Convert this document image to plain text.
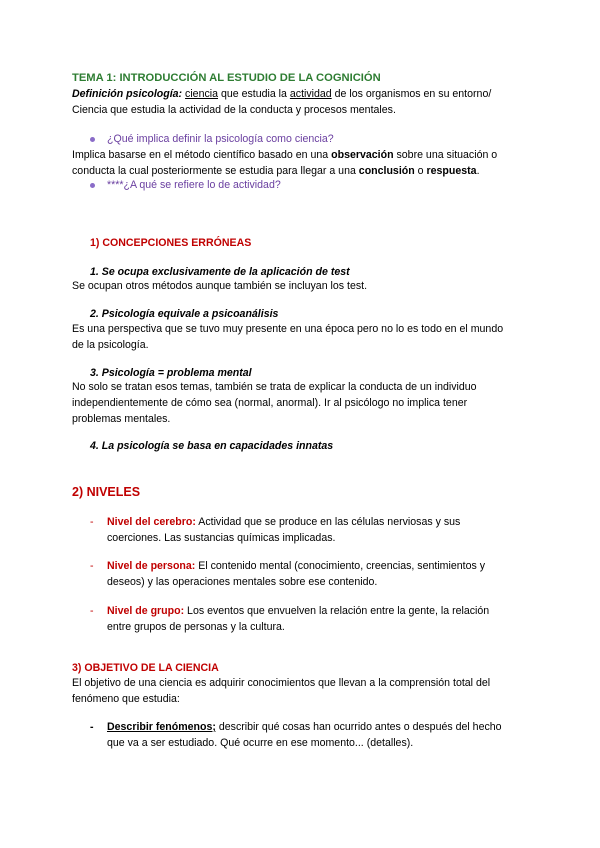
TEMA 1: INTRODUCCIÓN AL ESTUDIO DE LA COGNICIÓN
Definición psicología: ciencia que estudia la actividad de los organismos en su entorno/
Ciencia que estudia la actividad de la conducta y procesos mentales.
¿Qué implica definir la psicología como ciencia?
Implica basarse en el método científico basado en una observación sobre una situación o
conducta la cual posteriormente se estudia para llegar a una conclusión o respuesta.
****¿A qué se refiere lo de actividad?
1) CONCEPCIONES ERRÓNEAS
1. Se ocupa exclusivamente de la aplicación de test
Se ocupan otros métodos aunque también se incluyan los test.
2. Psicología equivale a psicoanálisis
Es una perspectiva que se tuvo muy presente en una época pero no lo es todo en el mundo
de la psicología.
3. Psicología = problema mental
No solo se tratan esos temas, también se trata de explicar la conducta de un individuo
independientemente de cómo sea (normal, anormal). Ir al psicólogo no implica tener
problemas mentales.
4. La psicología se basa en capacidades innatas
2) NIVELES
- Nivel del cerebro: Actividad que se produce en las células nerviosas y sus
coerciones. Las sustancias químicas implicadas.
- Nivel de persona: El contenido mental (conocimiento, creencias, sentimientos y
deseos) y las operaciones mentales sobre ese contenido.
- Nivel de grupo: Los eventos que envuelven la relación entre la gente, la relación
entre grupos de personas y la cultura.
3) OBJETIVO DE LA CIENCIA
El objetivo de una ciencia es adquirir conocimientos que llevan a la comprensión total del
fenómeno que estudia:
- Describir fenómenos; describir qué cosas han ocurrido antes o después del hecho
que va a ser estudiado. Qué ocurre en ese momento... (detalles).
